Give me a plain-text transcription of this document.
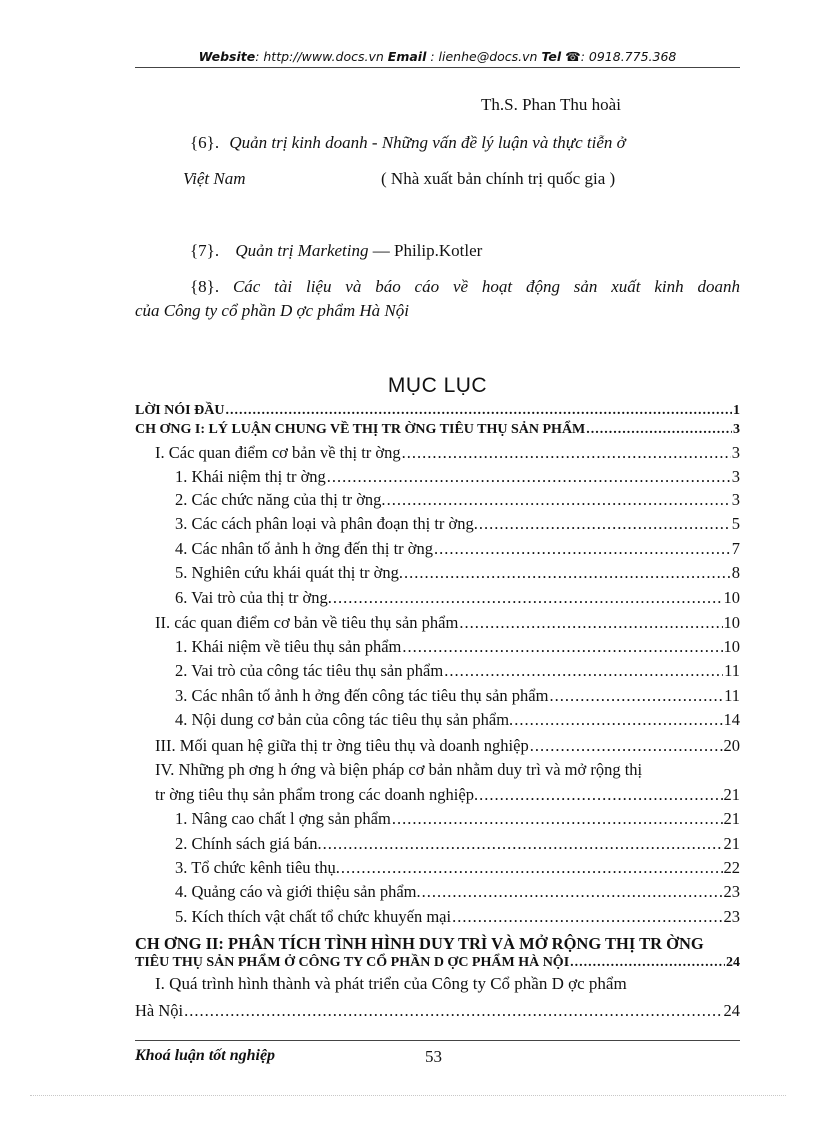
Website: http://www.docs.vn Email : lienhe@docs.vn Tel ☎: 0918.775.368
Th.S. Phan Thu hoài
{6}. Quản trị kinh doanh - Những vấn đề lý luận và thực tiễn ở
Việt Nam	( Nhà xuất bản chính trị quốc gia )
{7}. Quản trị Marketing — Philip.Kotler
{8}. Các tài liệu và báo cáo về hoạt động sản xuất kinh doanh
của Công ty cổ phần D ợc phẩm Hà Nội
MỤC LỤC
LỜI NÓI ĐẦU .....	1
CH ƠNG I: LÝ LUẬN CHUNG VỀ THỊ TR ỜNG TIÊU THỤ SẢN PHẨM .....	3
I. Các quan điểm cơ bản về thị tr ờng .....	3
1. Khái niệm thị tr ờng .....	3
2. Các chức năng của thị tr ờng. .....	3
3. Các cách phân loại và phân đoạn thị tr ờng. .....	5
4. Các nhân tố ảnh h ởng đến thị tr ờng .....	7
5. Nghiên cứu khái quát thị tr ờng. .....	8
6. Vai trò của thị tr ờng. .....	10
II. các quan điểm cơ bản về tiêu thụ sản phẩm .....	10
1. Khái niệm về tiêu thụ sản phẩm .....	10
2. Vai trò của công tác tiêu thụ sản phẩm .....	11
3. Các nhân tố ảnh h ởng đến công tác tiêu thụ sản phẩm .....	11
4. Nội dung cơ bản của công tác tiêu thụ sản phẩm. .....	14
III. Mối quan hệ giữa thị tr ờng tiêu thụ và doanh nghiệp .....	20
IV. Những ph ơng h ớng và biện pháp cơ bản nhằm duy trì và mở rộng thị
tr ờng tiêu thụ sản phẩm trong các doanh nghiệp. .....	21
1. Nâng cao chất l ợng sản phẩm .....	21
2. Chính sách giá bán. .....	21
3. Tổ chức kênh tiêu thụ. .....	22
4. Quảng cáo và giới thiệu sản phẩm. .....	23
5. Kích thích vật chất tổ chức khuyến mại .....	23
CH ƠNG II: PHÂN TÍCH TÌNH HÌNH DUY TRÌ VÀ MỞ RỘNG THỊ TR ỜNG
TIÊU THỤ SẢN PHẨM Ở CÔNG TY CỔ PHẦN D ỢC PHẨM HÀ NỘI .....	24
I. Quá trình hình thành và phát triển của Công ty Cổ phần D ợc phẩm
Hà Nội .....	24
Khoá luận tốt nghiệp	53
